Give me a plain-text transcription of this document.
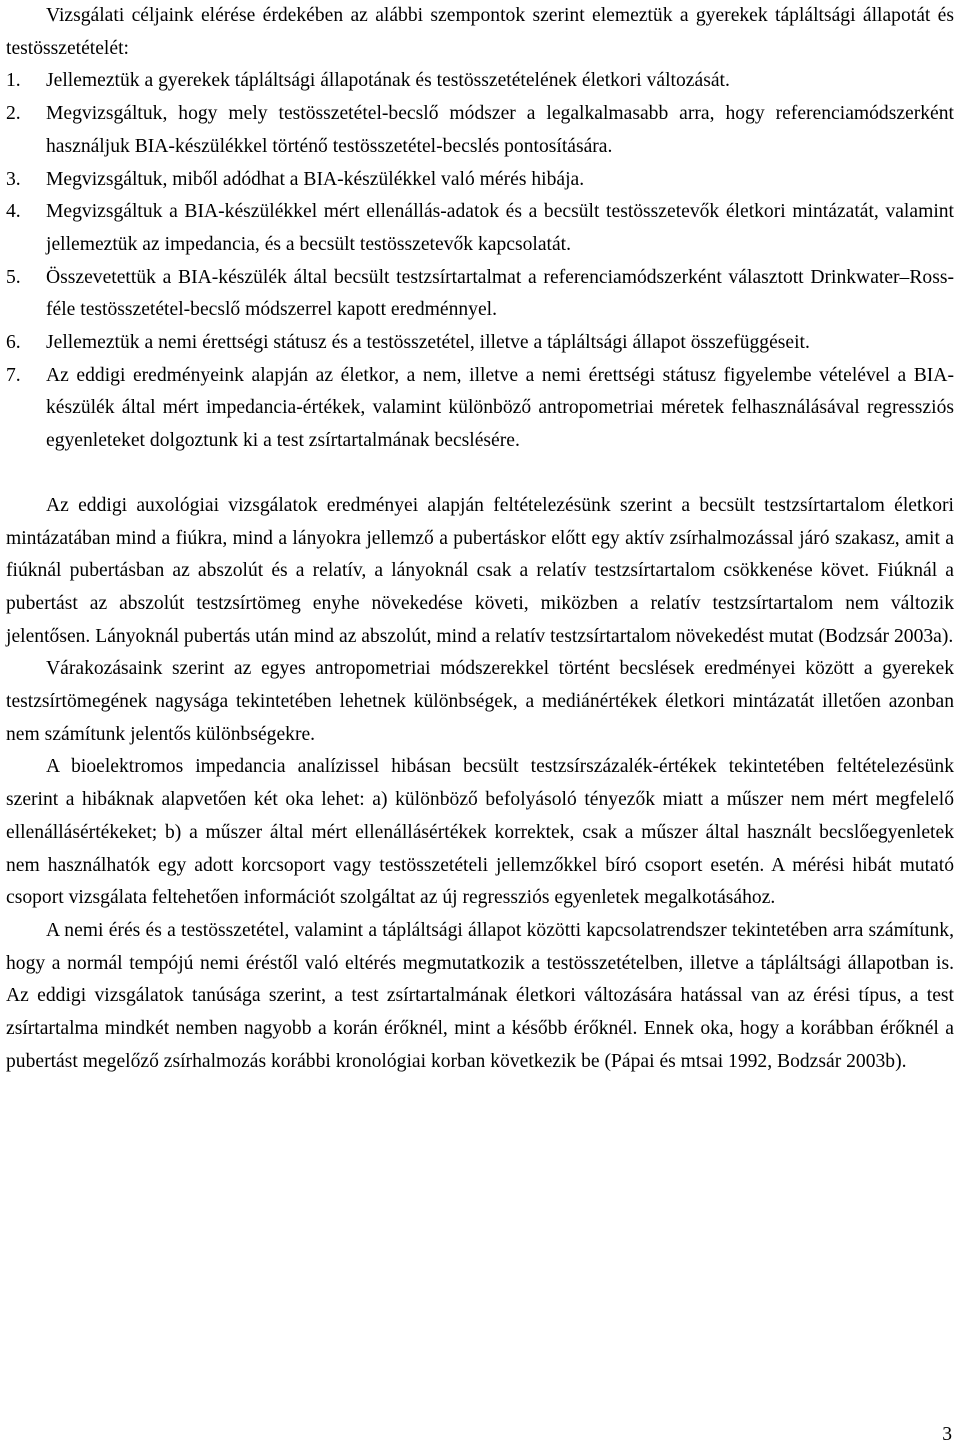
Vizsgálati céljaink elérése érdekében az alábbi szempontok szerint elemeztük a gyerekek tápláltsági állapotát és testösszetételét:

1.	Jellemeztük a gyerekek tápláltsági állapotának és testösszetételének életkori változását.
2.	Megvizsgáltuk, hogy mely testösszetétel-becslő módszer a legalkalmasabb arra, hogy referenciamódszerként használjuk BIA-készülékkel történő testösszetétel-becslés pontosítására.
3.	Megvizsgáltuk, miből adódhat a BIA-készülékkel való mérés hibája.
4.	Megvizsgáltuk a BIA-készülékkel mért ellenállás-adatok és a becsült testösszetevők életkori mintázatát, valamint jellemeztük az impedancia, és a becsült testösszetevők kapcsolatát.
5.	Összevetettük a BIA-készülék által becsült testzsírtartalmat a referenciamódszerként választott Drinkwater–Ross-féle testösszetétel-becslő módszerrel kapott eredménnyel.
6.	Jellemeztük a nemi érettségi státusz és a testösszetétel, illetve a tápláltsági állapot összefüggéseit.
7.	Az eddigi eredményeink alapján az életkor, a nem, illetve a nemi érettségi státusz figyelembe vételével a BIA-készülék által mért impedancia-értékek, valamint különböző antropometriai méretek felhasználásával regressziós egyenleteket dolgoztunk ki a test zsírtartalmának becslésére.

Az eddigi auxológiai vizsgálatok eredményei alapján feltételezésünk szerint a becsült testzsírtartalom életkori mintázatában mind a fiúkra, mind a lányokra jellemző a pubertáskor előtt egy aktív zsírhalmozással járó szakasz, amit a fiúknál pubertásban az abszolút és a relatív, a lányoknál csak a relatív testzsírtartalom csökkenése követ. Fiúknál a pubertást az abszolút testzsírtömeg enyhe növekedése követi, miközben a relatív testzsírtartalom nem változik jelentősen. Lányoknál pubertás után mind az abszolút, mind a relatív testzsírtartalom növekedést mutat (Bodzsár 2003a).

Várakozásaink szerint az egyes antropometriai módszerekkel történt becslések eredményei között a gyerekek testzsírtömegének nagysága tekintetében lehetnek különbségek, a mediánértékek életkori mintázatát illetően azonban nem számítunk jelentős különbségekre.

A bioelektromos impedancia analízissel hibásan becsült testzsírszázalék-értékek tekintetében feltételezésünk szerint a hibáknak alapvetően két oka lehet: a) különböző befolyásoló tényezők miatt a műszer nem mért megfelelő ellenállásértékeket; b) a műszer által mért ellenállásértékek korrektek, csak a műszer által használt becslőegyenletek nem használhatók egy adott korcsoport vagy testösszetételi jellemzőkkel bíró csoport esetén. A mérési hibát mutató csoport vizsgálata feltehetően információt szolgáltat az új regressziós egyenletek megalkotásához.

A nemi érés és a testösszetétel, valamint a tápláltsági állapot közötti kapcsolatrendszer tekintetében arra számítunk, hogy a normál tempójú nemi éréstől való eltérés megmutatkozik a testösszetételben, illetve a tápláltsági állapotban is. Az eddigi vizsgálatok tanúsága szerint, a test zsírtartalmának életkori változására hatással van az érési típus, a test zsírtartalma mindkét nemben nagyobb a korán érőknél, mint a később érőknél. Ennek oka, hogy a korábban érőknél a pubertást megelőző zsírhalmozás korábbi kronológiai korban következik be (Pápai és mtsai 1992, Bodzsár 2003b).

3
